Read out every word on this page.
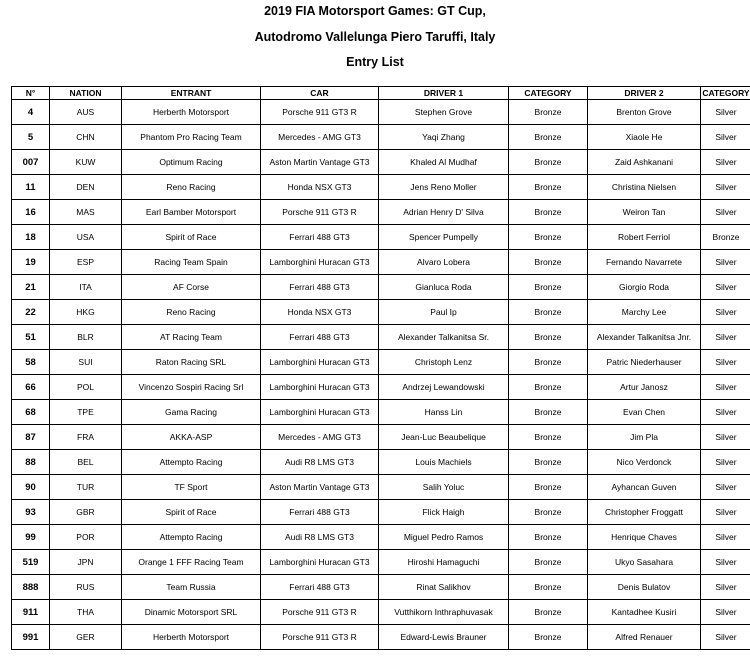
2019 FIA Motorsport Games: GT Cup,
Autodromo Vallelunga Piero Taruffi, Italy
Entry List
N°	NATION	ENTRANT	CAR	DRIVER 1	CATEGORY	DRIVER 2	CATEGORY
4	AUS	Herberth Motorsport	Porsche 911 GT3 R	Stephen Grove	Bronze	Brenton Grove	Silver
5	CHN	Phantom Pro Racing Team	Mercedes - AMG GT3	Yaqi Zhang	Bronze	Xiaole He	Silver
007	KUW	Optimum Racing	Aston Martin Vantage GT3	Khaled Al Mudhaf	Bronze	Zaid Ashkanani	Silver
11	DEN	Reno Racing	Honda NSX GT3	Jens Reno Moller	Bronze	Christina Nielsen	Silver
16	MAS	Earl Bamber Motorsport	Porsche 911 GT3 R	Adrian Henry D' Silva	Bronze	Weiron Tan	Silver
18	USA	Spirit of Race	Ferrari 488 GT3	Spencer Pumpelly	Bronze	Robert Ferriol	Bronze
19	ESP	Racing Team Spain	Lamborghini Huracan GT3	Alvaro Lobera	Bronze	Fernando Navarrete	Silver
21	ITA	AF Corse	Ferrari 488 GT3	Gianluca Roda	Bronze	Giorgio Roda	Silver
22	HKG	Reno Racing	Honda NSX GT3	Paul Ip	Bronze	Marchy Lee	Silver
51	BLR	AT Racing Team	Ferrari 488 GT3	Alexander Talkanitsa Sr.	Bronze	Alexander Talkanitsa Jnr.	Silver
58	SUI	Raton Racing SRL	Lamborghini Huracan GT3	Christoph Lenz	Bronze	Patric Niederhauser	Silver
66	POL	Vincenzo Sospiri Racing Srl	Lamborghini Huracan GT3	Andrzej Lewandowski	Bronze	Artur Janosz	Silver
68	TPE	Gama Racing	Lamborghini Huracan GT3	Hanss Lin	Bronze	Evan Chen	Silver
87	FRA	AKKA-ASP	Mercedes - AMG GT3	Jean-Luc Beaubelique	Bronze	Jim Pla	Silver
88	BEL	Attempto Racing	Audi R8 LMS GT3	Louis Machiels	Bronze	Nico Verdonck	Silver
90	TUR	TF Sport	Aston Martin Vantage GT3	Salih Yoluc	Bronze	Ayhancan Guven	Silver
93	GBR	Spirit of Race	Ferrari 488 GT3	Flick Haigh	Bronze	Christopher Froggatt	Silver
99	POR	Attempto Racing	Audi R8 LMS GT3	Miguel Pedro Ramos	Bronze	Henrique Chaves	Silver
519	JPN	Orange 1 FFF Racing Team	Lamborghini Huracan GT3	Hiroshi Hamaguchi	Bronze	Ukyo Sasahara	Silver
888	RUS	Team Russia	Ferrari 488 GT3	Rinat Salikhov	Bronze	Denis Bulatov	Silver
911	THA	Dinamic Motorsport SRL	Porsche 911 GT3 R	Vutthikorn Inthraphuvasak	Bronze	Kantadhee Kusiri	Silver
991	GER	Herberth Motorsport	Porsche 911 GT3 R	Edward-Lewis Brauner	Bronze	Alfred Renauer	Silver
